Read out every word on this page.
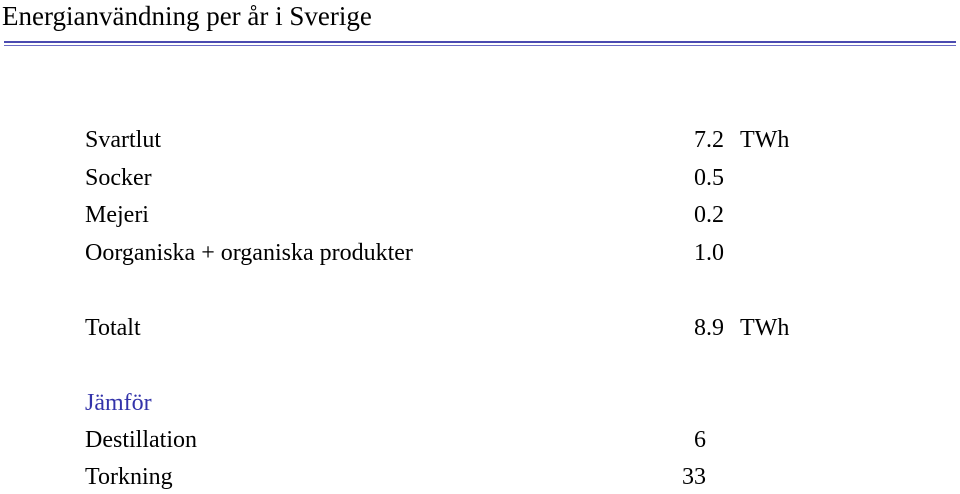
Energianvändning per år i Sverige
Svartlut	7.2 TWh
Socker	0.5
Mejeri	0.2
Oorganiska + organiska produkter	1.0
Totalt	8.9 TWh
Jämför
Destillation	6
Torkning	33
